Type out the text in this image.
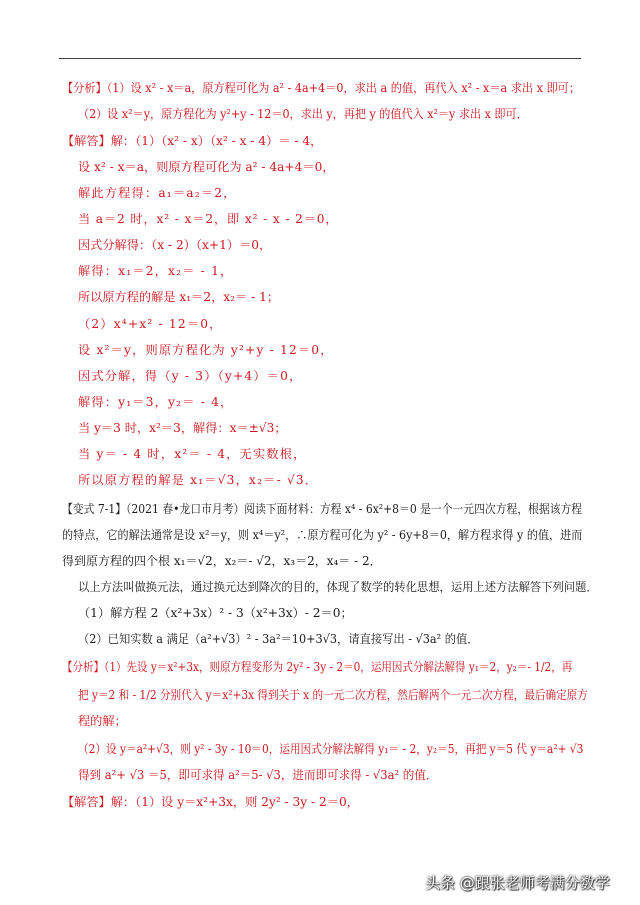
【分析】（1）设 x² - x＝a，原方程可化为 a² - 4a+4＝0，求出 a 的值，再代入 x² - x＝a 求出 x 即可；
（2）设 x²＝y，原方程化为 y²+y - 12＝0，求出 y，再把 y 的值代入 x²＝y 求出 x 即可．
【解答】解：（1）（x² - x）（x² - x - 4）＝ - 4，
设 x² - x＝a，则原方程可化为 a² - 4a+4＝0，
解此方程得：a₁＝a₂＝2，
当 a＝2 时，x² - x＝2，即 x² - x - 2＝0，
因式分解得：（x - 2）（x+1）＝0，
解得：x₁＝2，x₂＝ - 1，
所以原方程的解是 x₁＝2，x₂＝ - 1；
（2）x⁴+x² - 12＝0，
设 x²＝y，则原方程化为 y²+y - 12＝0，
因式分解，得（y - 3）（y+4）＝0，
解得：y₁＝3，y₂＝ - 4，
当 y＝3 时，x²＝3，解得：x＝±√3；
当 y＝ - 4 时，x²＝ - 4，无实数根，
所以原方程的解是 x₁＝√3，x₂＝- √3．
【变式 7-1】（2021 春•龙口市月考）阅读下面材料：方程 x⁴ - 6x²+8＝0 是一个一元四次方程，根据该方程
的特点，它的解法通常是设 x²＝y，则 x⁴＝y²，∴原方程可化为 y² - 6y+8＝0，解方程求得 y 的值，进而
得到原方程的四个根 x₁＝√2，x₂＝- √2，x₃＝2，x₄＝ - 2．
以上方法叫做换元法，通过换元达到降次的目的，体现了数学的转化思想，运用上述方法解答下列问题．
（1）解方程 2（x²+3x）² - 3（x²+3x）- 2＝0；
（2）已知实数 a 满足（a²+√3）² - 3a²＝10+3√3，请直接写出 - √3a² 的值．
【分析】（1）先设 y＝x²+3x，则原方程变形为 2y² - 3y - 2＝0，运用因式分解法解得 y₁＝2，y₂＝- 1/2，再
把 y＝2 和 - 1/2 分别代入 y＝x²+3x 得到关于 x 的一元二次方程，然后解两个一元二次方程，最后确定原方
程的解；
（2）设 y＝a²+√3，则 y² - 3y - 10＝0，运用因式分解法解得 y₁＝ - 2，y₂＝5，再把 y＝5 代 y＝a²+ √3
得到 a²+ √3 ＝5，即可求得 a²＝5- √3，进而即可求得 - √3a² 的值．
【解答】解：（1）设 y＝x²+3x，则 2y² - 3y - 2＝0，
头条 @跟张老师考满分数学
